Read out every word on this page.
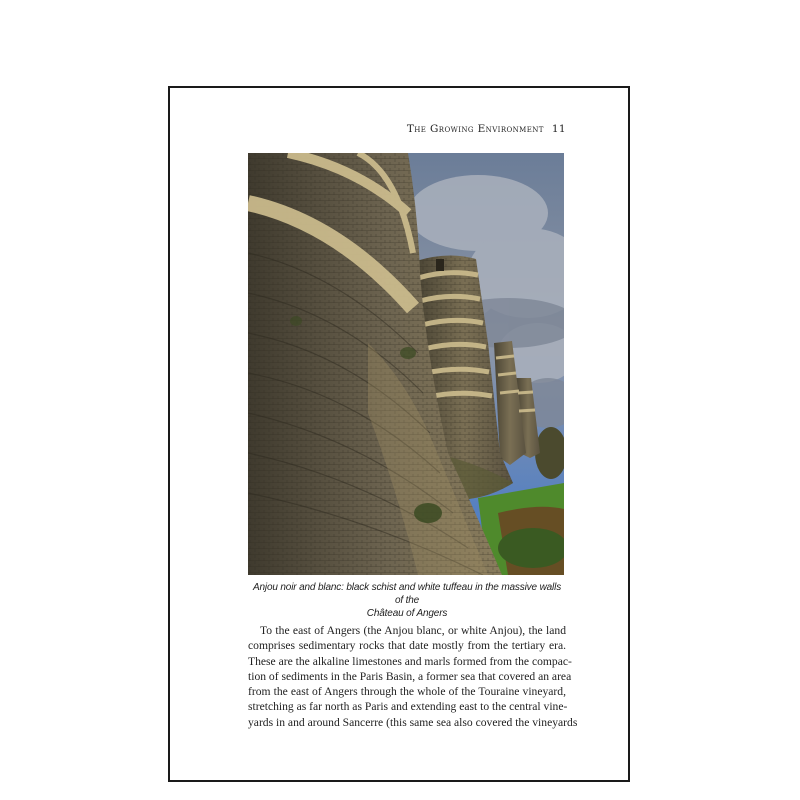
The Growing Environment 11
Anjou noir and blanc: black schist and white tuffeau in the massive walls of the
Château of Angers
To the east of Angers (the Anjou blanc, or white Anjou), the land
comprises sedimentary rocks that date mostly from the tertiary era.
These are the alkaline limestones and marls formed from the compac-
tion of sediments in the Paris Basin, a former sea that covered an area
from the east of Angers through the whole of the Touraine vineyard,
stretching as far north as Paris and extending east to the central vine-
yards in and around Sancerre (this same sea also covered the vineyards
